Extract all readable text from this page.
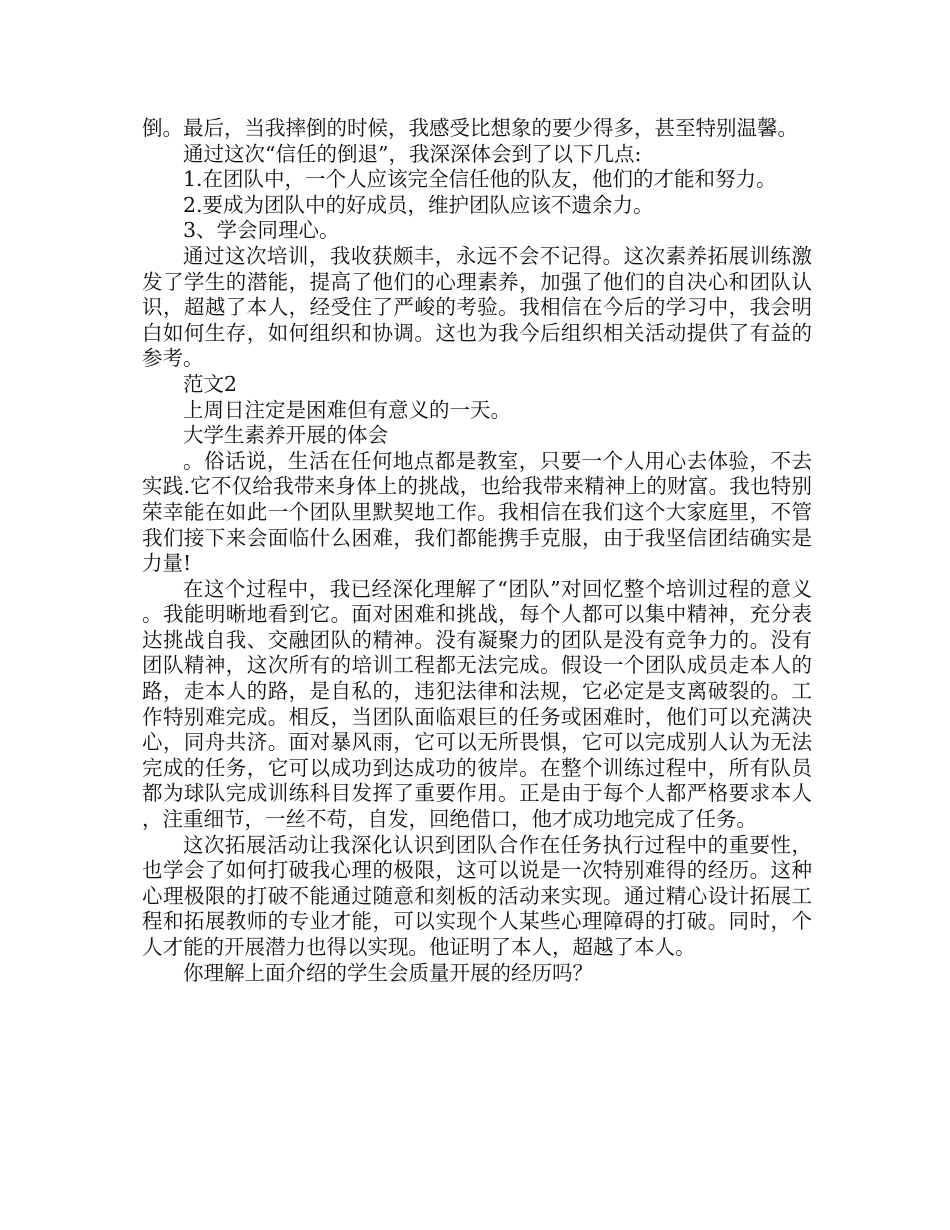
倒。最后，当我摔倒的时候，我感受比想象的要少得多，甚至特别温馨。

通过这次“信任的倒退”，我深深体会到了以下几点:

1.在团队中，一个人应该完全信任他的队友，他们的才能和努力。

2.要成为团队中的好成员，维护团队应该不遗余力。

3、学会同理心。

通过这次培训，我收获颇丰，永远不会不记得。这次素养拓展训练激发了学生的潜能，提高了他们的心理素养，加强了他们的自决心和团队认识，超越了本人，经受住了严峻的考验。我相信在今后的学习中，我会明白如何生存，如何组织和协调。这也为我今后组织相关活动提供了有益的参考。

范文2

上周日注定是困难但有意义的一天。

大学生素养开展的体会

。俗话说，生活在任何地点都是教室，只要一个人用心去体验，不去实践.它不仅给我带来身体上的挑战，也给我带来精神上的财富。我也特别荣幸能在如此一个团队里默契地工作。我相信在我们这个大家庭里，不管我们接下来会面临什么困难，我们都能携手克服，由于我坚信团结确实是力量!

在这个过程中，我已经深化理解了“团队”对回忆整个培训过程的意义。我能明晰地看到它。面对困难和挑战，每个人都可以集中精神，充分表达挑战自我、交融团队的精神。没有凝聚力的团队是没有竞争力的。没有团队精神，这次所有的培训工程都无法完成。假设一个团队成员走本人的路，走本人的路，是自私的，违犯法律和法规，它必定是支离破裂的。工作特别难完成。相反，当团队面临艰巨的任务或困难时，他们可以充满决心，同舟共济。面对暴风雨，它可以无所畏惧，它可以完成别人认为无法完成的任务，它可以成功到达成功的彼岸。在整个训练过程中，所有队员都为球队完成训练科目发挥了重要作用。正是由于每个人都严格要求本人，注重细节，一丝不苟，自发，回绝借口，他才成功地完成了任务。

这次拓展活动让我深化认识到团队合作在任务执行过程中的重要性，也学会了如何打破我心理的极限，这可以说是一次特别难得的经历。这种心理极限的打破不能通过随意和刻板的活动来实现。通过精心设计拓展工程和拓展教师的专业才能，可以实现个人某些心理障碍的打破。同时，个人才能的开展潜力也得以实现。他证明了本人，超越了本人。

你理解上面介绍的学生会质量开展的经历吗？
